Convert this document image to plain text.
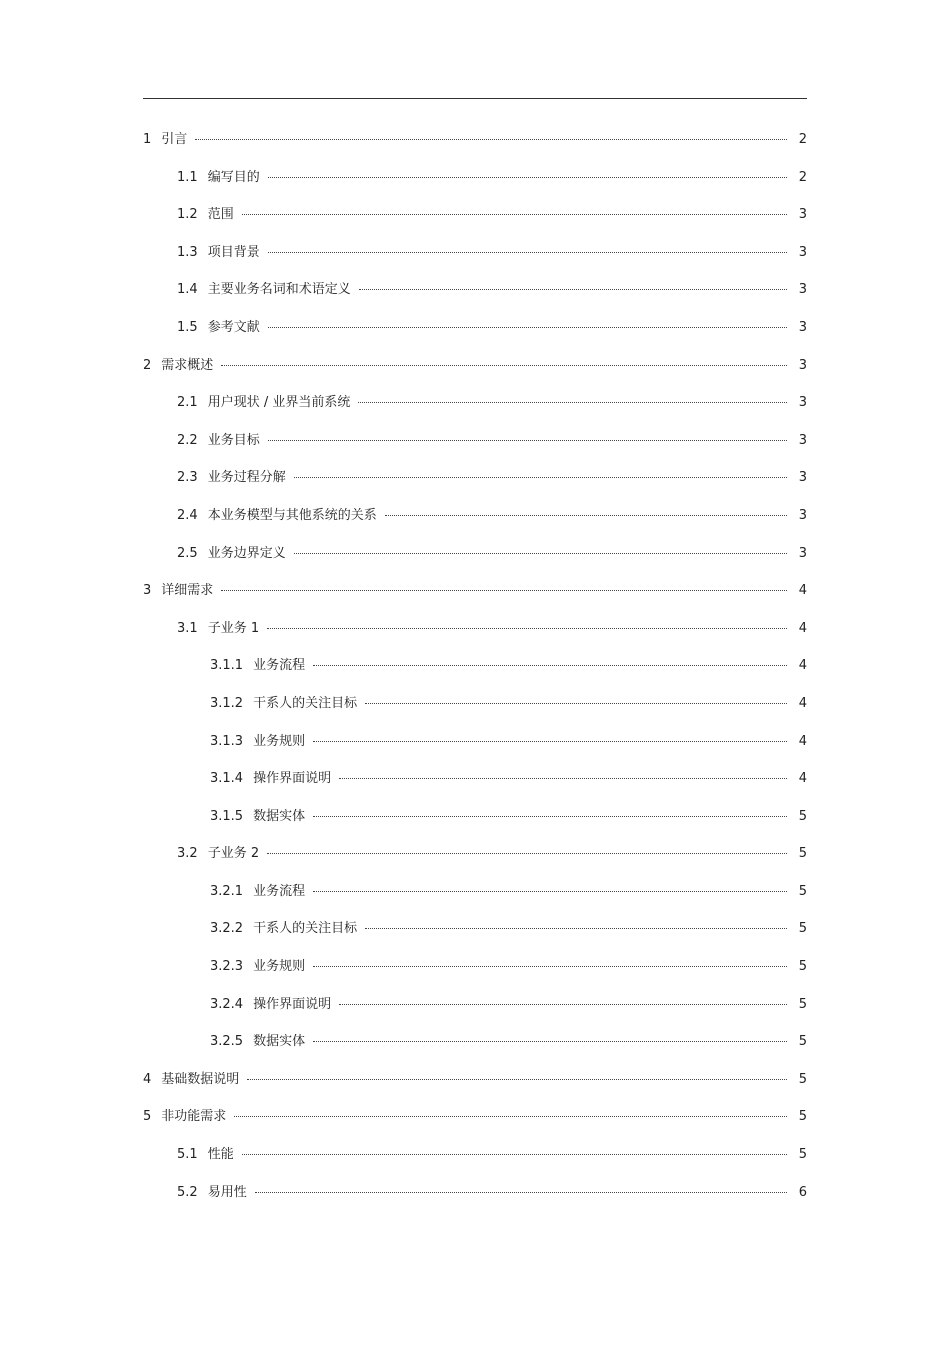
1 引言	2
1.1 编写目的	2
1.2 范围	3
1.3 项目背景	3
1.4 主要业务名词和术语定义	3
1.5 参考文献	3
2 需求概述	3
2.1 用户现状 / 业界当前系统	3
2.2 业务目标	3
2.3 业务过程分解	3
2.4 本业务模型与其他系统的关系	3
2.5 业务边界定义	3
3 详细需求	4
3.1 子业务 1	4
3.1.1 业务流程	4
3.1.2 干系人的关注目标	4
3.1.3 业务规则	4
3.1.4 操作界面说明	4
3.1.5 数据实体	5
3.2 子业务 2	5
3.2.1 业务流程	5
3.2.2 干系人的关注目标	5
3.2.3 业务规则	5
3.2.4 操作界面说明	5
3.2.5 数据实体	5
4 基础数据说明	5
5 非功能需求	5
5.1 性能	5
5.2 易用性	6
